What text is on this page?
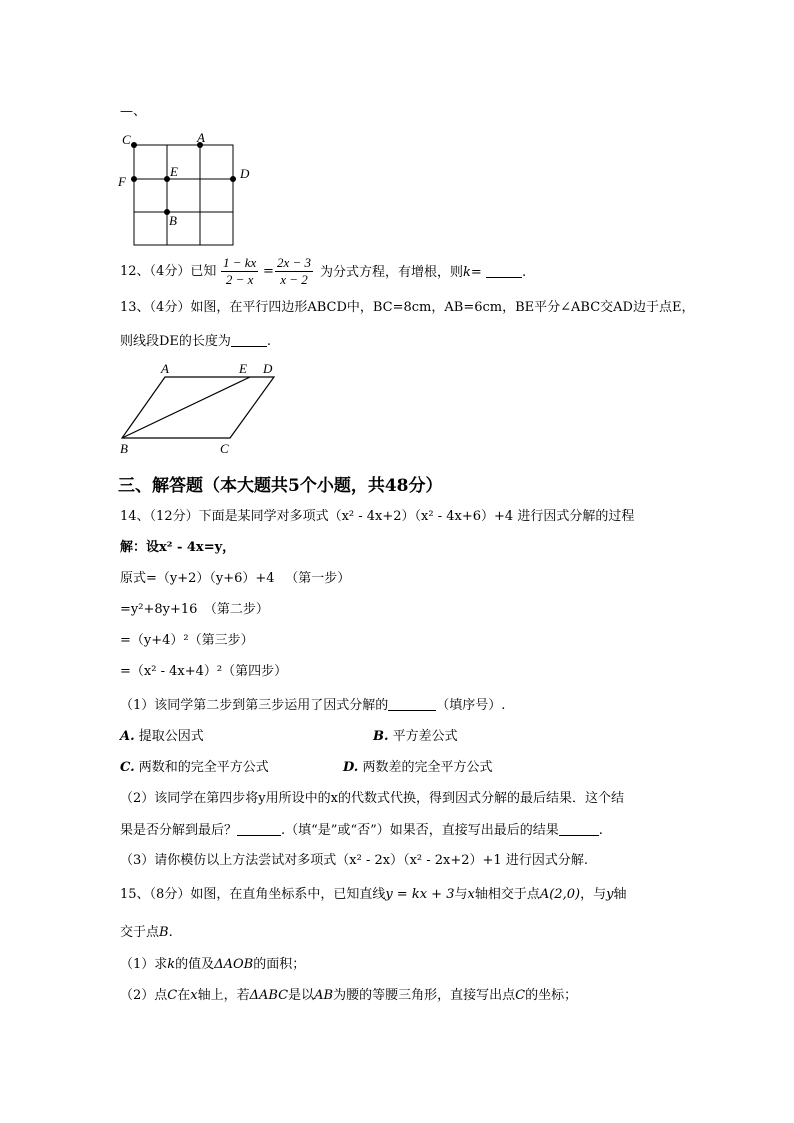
—、
C	A
E	D
F
B
12、（4分）已知 $\frac{1 - kx}{2 - x} = \frac{2x - 3}{x - 2}$ 为分式方程，有增根，则k=	.
13、（4分）如图，在平行四边形ABCD中，BC=8cm，AB=6cm，BE平分∠ABC交AD边于点E，
则线段DE的长度为	.
A	E D
B	C
三、解答题（本大题共5个小题，共48分）
14、（12分）下面是某同学对多项式（x² - 4x+2）（x² - 4x+6）+4 进行因式分解的过程
解：设x² - 4x=y，
原式=（y+2）（y+6）+4 　（第一步）
=y²+8y+16　（第二步）
=（y+4）²（第三步）
=（x² - 4x+4）²（第四步）
（1）该同学第二步到第三步运用了因式分解的	（填序号）.
A. 提取公因式	B. 平方差公式
C. 两数和的完全平方公式	D. 两数差的完全平方公式
（2）该同学在第四步将y用所设中的x的代数式代换，得到因式分解的最后结果．这个结
果是否分解到最后？	.（填“是”或“否”）如果否，直接写出最后的结果	.
（3）请你模仿以上方法尝试对多项式（x² - 2x）（x² - 2x+2）+1 进行因式分解.
15、（8分）如图，在直角坐标系中，已知直线y = kx + 3与x轴相交于点A(2,0)，与y轴
交于点B.
（1）求k的值及ΔAOB的面积；
（2）点C在x轴上，若ΔABC是以AB为腰的等腰三角形，直接写出点C的坐标；
